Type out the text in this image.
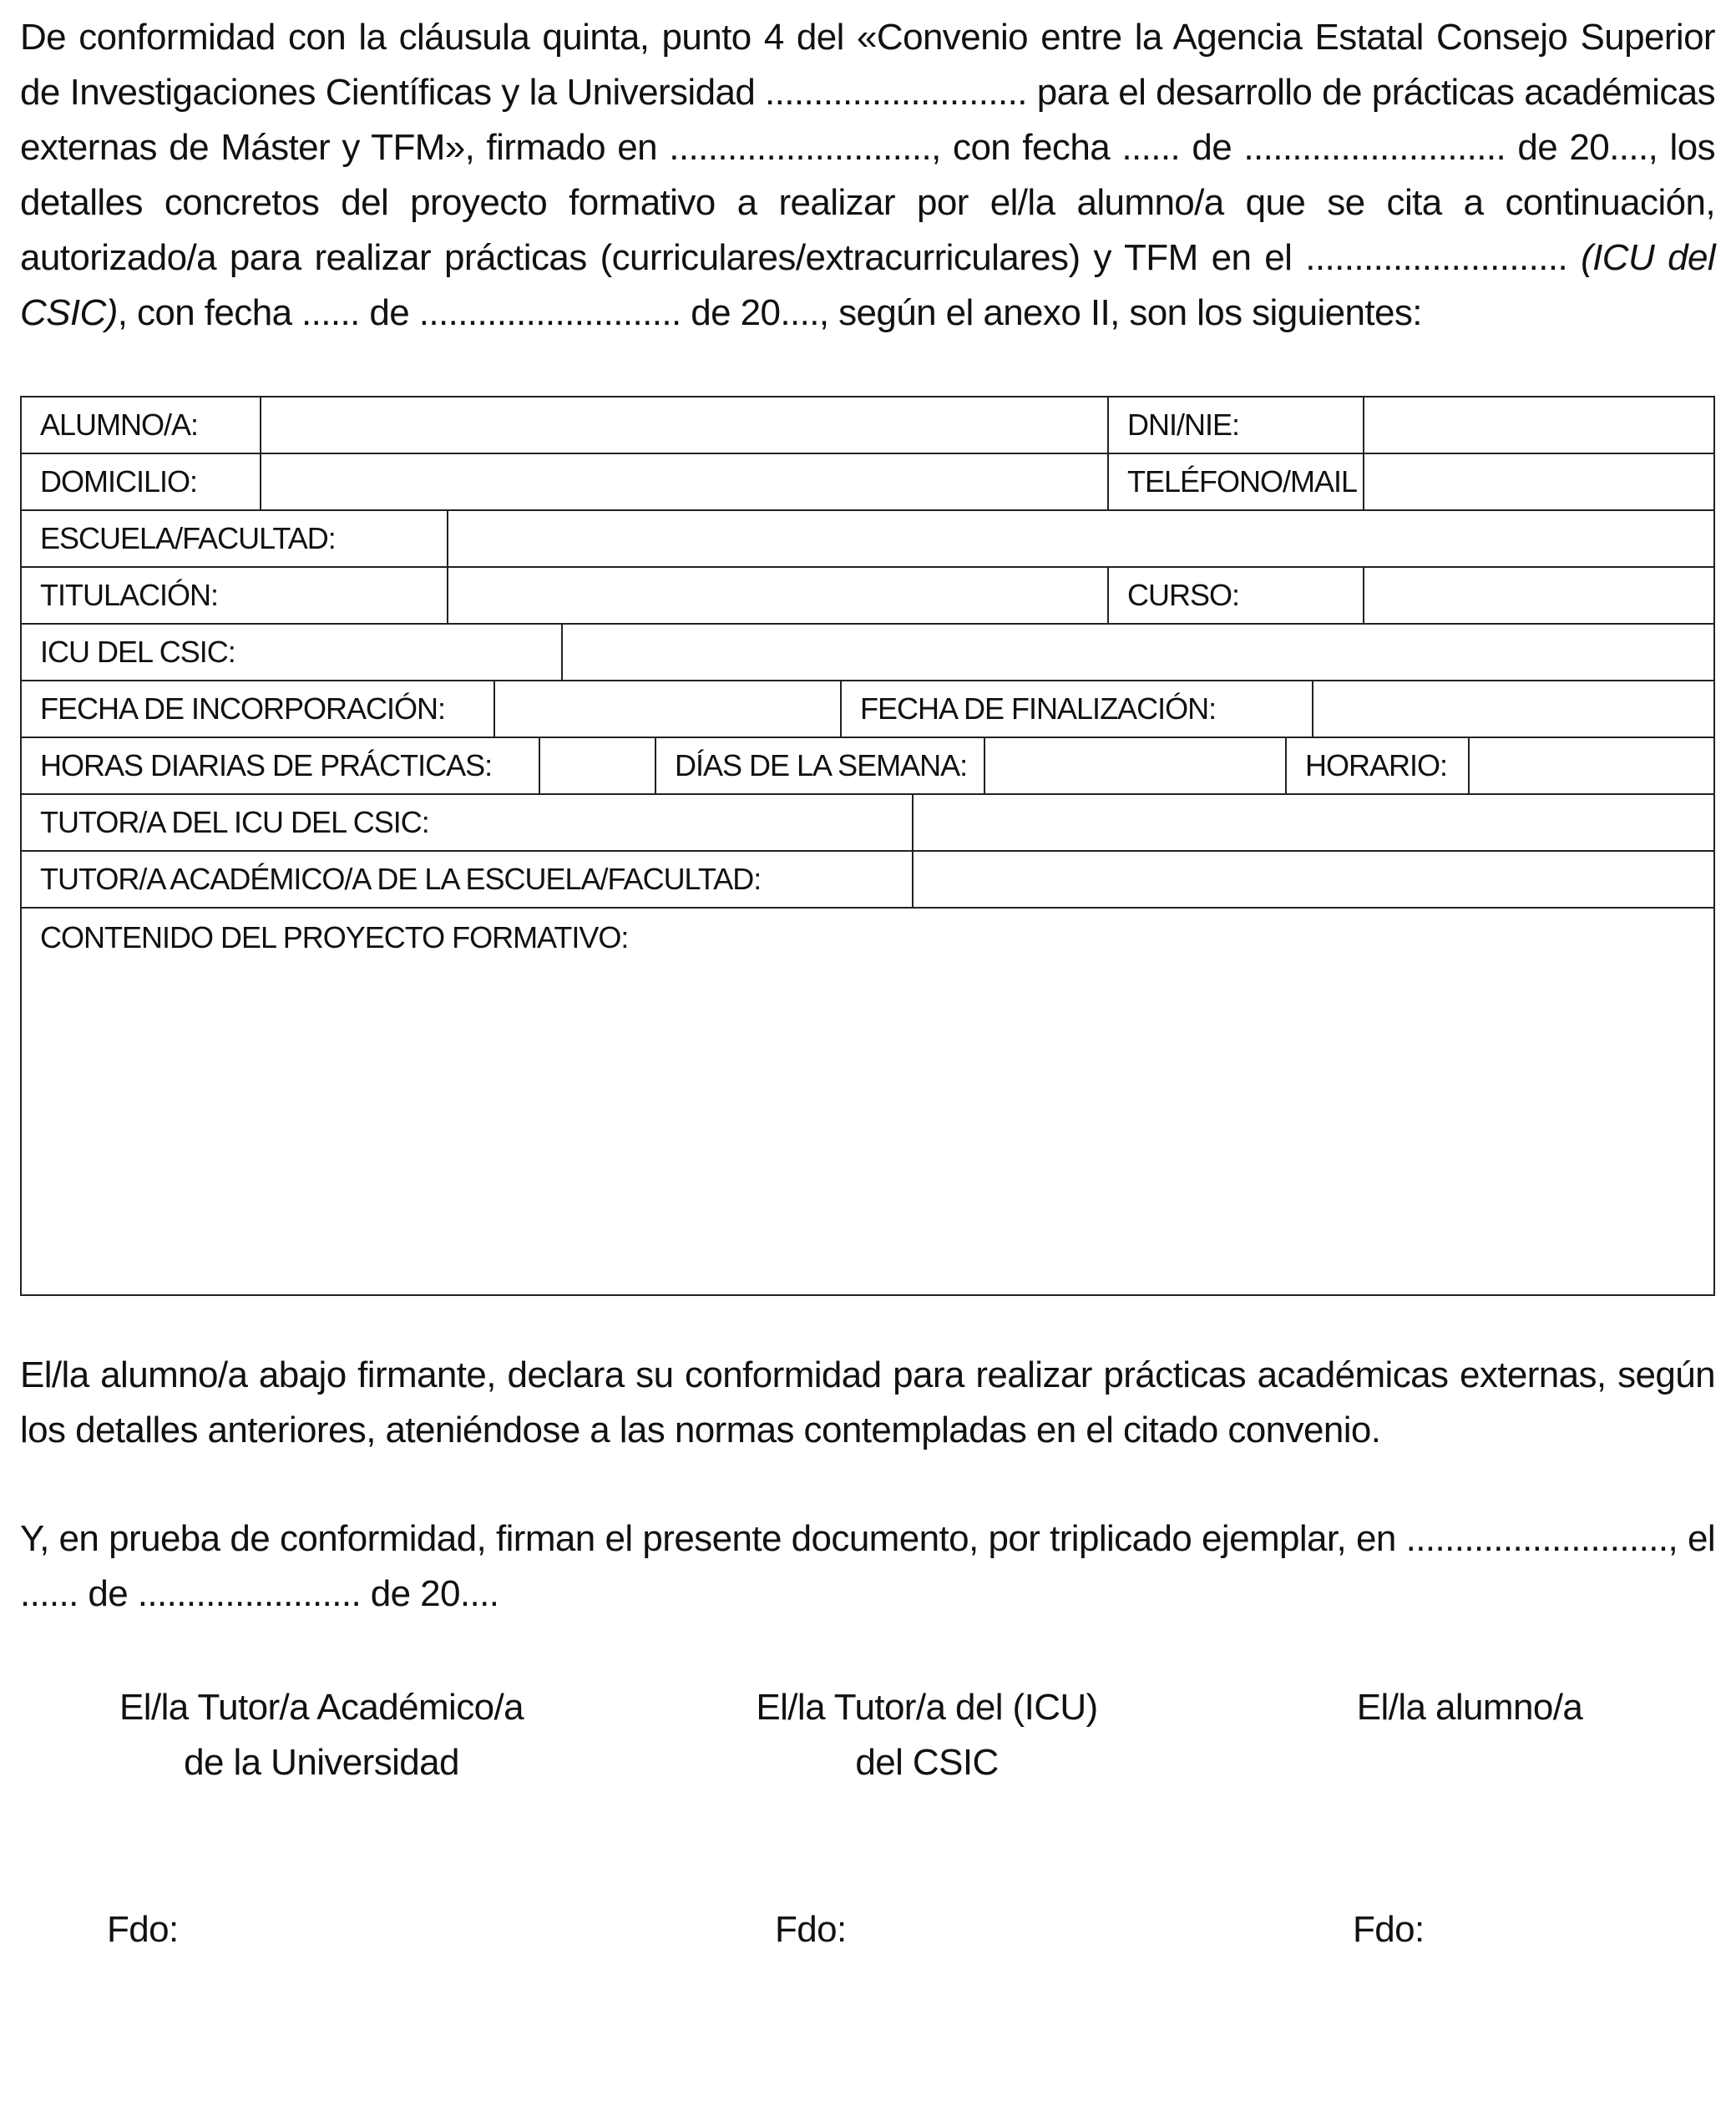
De conformidad con la cláusula quinta, punto 4 del «Convenio entre la Agencia Estatal Consejo Superior de Investigaciones Científicas y la Universidad ........................... para el desarrollo de prácticas académicas externas de Máster y TFM», firmado en ..........................., con fecha ...... de ........................... de 20...., los detalles concretos del proyecto formativo a realizar por el/la alumno/a que se cita a continuación, autorizado/a para realizar prácticas (curriculares/extracurriculares) y TFM en el ........................... (ICU del CSIC), con fecha ...... de ........................... de 20...., según el anexo II, son los siguientes:

ALUMNO/A:	DNI/NIE:
DOMICILIO:	TELÉFONO/MAIL
ESCUELA/FACULTAD:
TITULACIÓN:	CURSO:
ICU DEL CSIC:
FECHA DE INCORPORACIÓN:	FECHA DE FINALIZACIÓN:
HORAS DIARIAS DE PRÁCTICAS:	DÍAS DE LA SEMANA:	HORARIO:
TUTOR/A DEL ICU DEL CSIC:
TUTOR/A ACADÉMICO/A DE LA ESCUELA/FACULTAD:
CONTENIDO DEL PROYECTO FORMATIVO:

El/la alumno/a abajo firmante, declara su conformidad para realizar prácticas académicas externas, según los detalles anteriores, ateniéndose a las normas contempladas en el citado convenio.

Y, en prueba de conformidad, firman el presente documento, por triplicado ejemplar, en ..........................., el ...... de ....................... de 20....

El/la Tutor/a Académico/a
de la Universidad
El/la Tutor/a del (ICU)
del CSIC
El/la alumno/a
Fdo:	Fdo:	Fdo:
